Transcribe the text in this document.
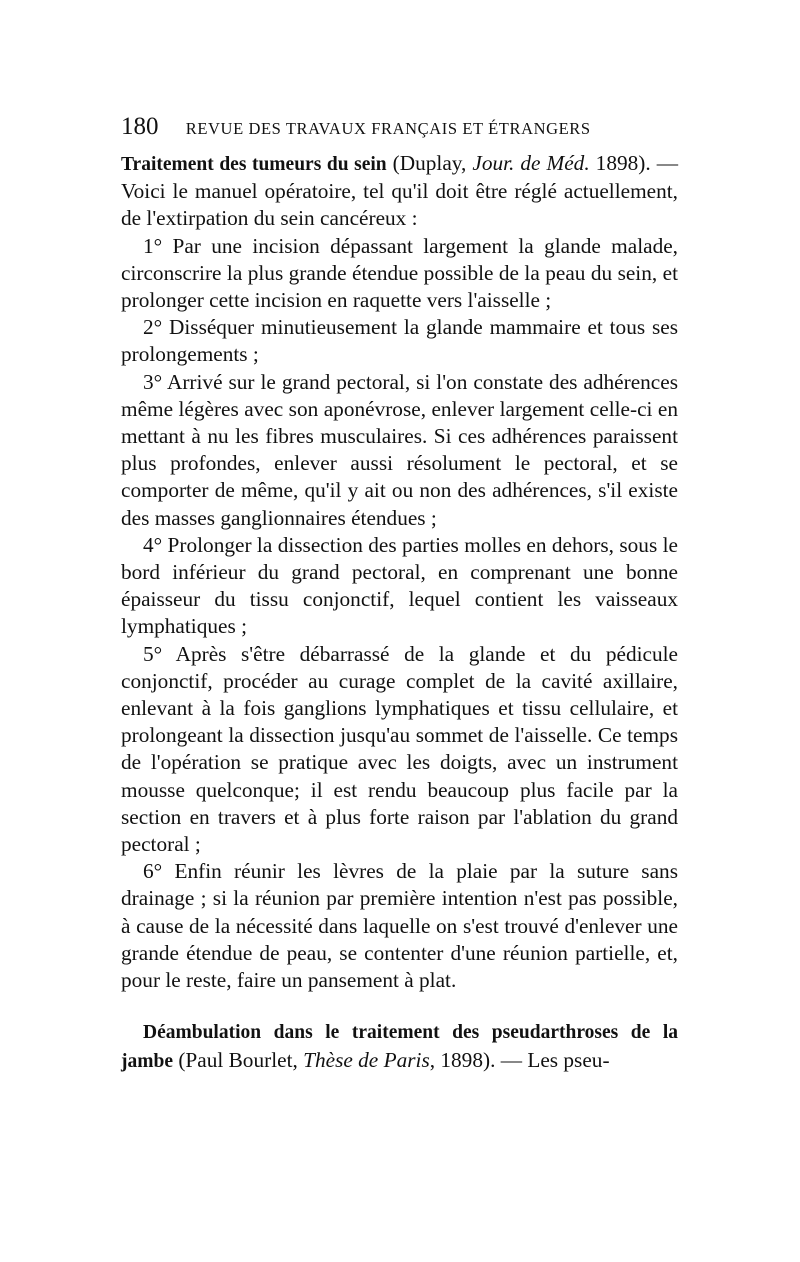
180 REVUE DES TRAVAUX FRANÇAIS ET ÉTRANGERS

Traitement des tumeurs du sein (Duplay, Jour. de Méd. 1898). — Voici le manuel opératoire, tel qu'il doit être réglé actuellement, de l'extirpation du sein cancéreux :

1° Par une incision dépassant largement la glande malade, circonscrire la plus grande étendue possible de la peau du sein, et prolonger cette incision en raquette vers l'aisselle ;

2° Disséquer minutieusement la glande mammaire et tous ses prolongements ;

3° Arrivé sur le grand pectoral, si l'on constate des adhérences même légères avec son aponévrose, enlever largement celle-ci en mettant à nu les fibres musculaires. Si ces adhérences paraissent plus profondes, enlever aussi résolument le pectoral, et se comporter de même, qu'il y ait ou non des adhérences, s'il existe des masses ganglionnaires étendues ;

4° Prolonger la dissection des parties molles en dehors, sous le bord inférieur du grand pectoral, en comprenant une bonne épaisseur du tissu conjonctif, lequel contient les vaisseaux lymphatiques ;

5° Après s'être débarrassé de la glande et du pédicule conjonctif, procéder au curage complet de la cavité axillaire, enlevant à la fois ganglions lymphatiques et tissu cellulaire, et prolongeant la dissection jusqu'au sommet de l'aisselle. Ce temps de l'opération se pratique avec les doigts, avec un instrument mousse quelconque; il est rendu beaucoup plus facile par la section en travers et à plus forte raison par l'ablation du grand pectoral ;

6° Enfin réunir les lèvres de la plaie par la suture sans drainage ; si la réunion par première intention n'est pas possible, à cause de la nécessité dans laquelle on s'est trouvé d'enlever une grande étendue de peau, se contenter d'une réunion partielle, et, pour le reste, faire un pansement à plat.

Déambulation dans le traitement des pseudarthroses de la jambe (Paul Bourlet, Thèse de Paris, 1898). — Les pseu-
